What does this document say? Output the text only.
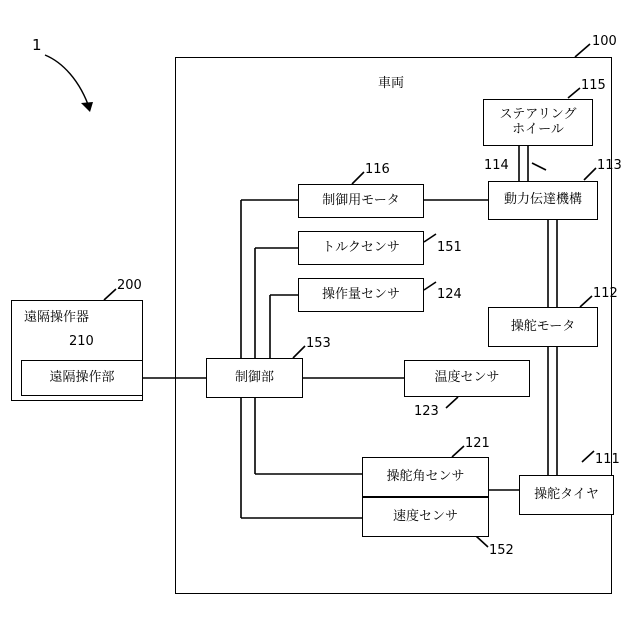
1
車両
100
ステアリング
ホイール
115
114
動力伝達機構
113
制御用モータ
116
トルクセンサ	151
操作量センサ	124
操舵モータ
112

遠隔操作器

200
遠隔操作部
210
制御部
153
温度センサ
123
操舵角センサ
121
速度センサ
152
操舵タイヤ
111
